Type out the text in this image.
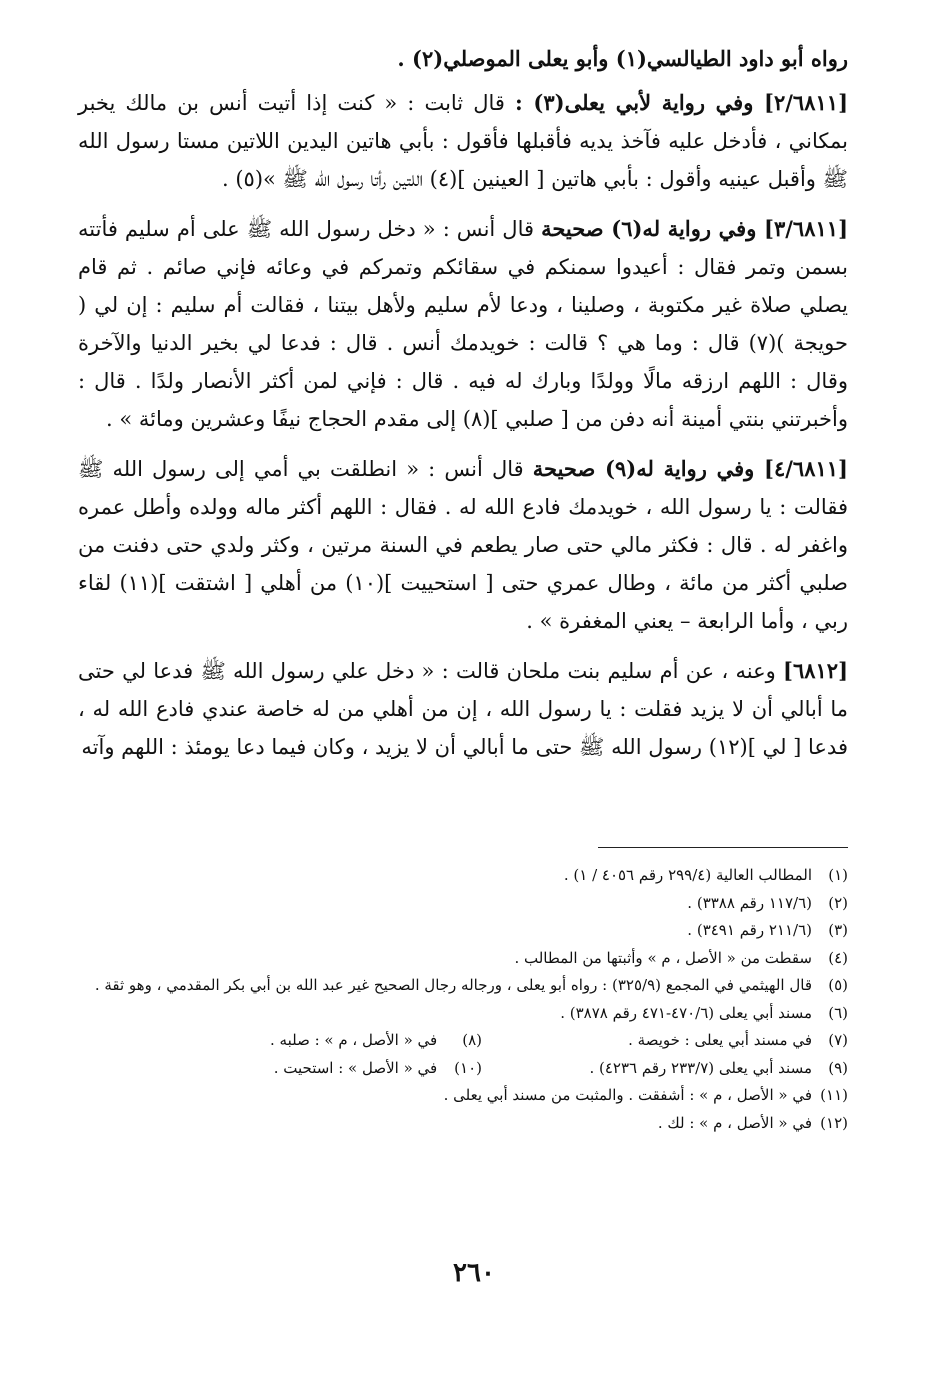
رواه أبو داود الطيالسي(١) وأبو يعلى الموصلي(٢) .

[٢/٦٨١١] وفي رواية لأبي يعلى(٣) : قال ثابت : « كنت إذا أتيت أنس بن مالك يخبر بمكاني ، فأدخل عليه فآخذ يديه فأقبلها فأقول : بأبي هاتين اليدين اللاتين مستا رسول الله ﷺ وأقبل عينيه وأقول : بأبي هاتين [ العينين ](٤) اللتين رأتا رسول الله ﷺ »(٥) .

[٣/٦٨١١] وفي رواية له(٦) صحيحة قال أنس : « دخل رسول الله ﷺ على أم سليم فأتته بسمن وتمر فقال : أعيدوا سمنكم في سقائكم وتمركم في وعائه فإني صائم . ثم قام يصلي صلاة غير مكتوبة ، وصلينا ، ودعا لأم سليم ولأهل بيتنا ، فقالت أم سليم : إن لي ( حويجة )(٧) قال : وما هي ؟ قالت : خويدمك أنس . قال : فدعا لي بخير الدنيا والآخرة وقال : اللهم ارزقه مالًا وولدًا وبارك له فيه . قال : فإني لمن أكثر الأنصار ولدًا . قال : وأخبرتني بنتي أمينة أنه دفن من [ صلبي ](٨) إلى مقدم الحجاج نيفًا وعشرين ومائة » .

[٤/٦٨١١] وفي رواية له(٩) صحيحة قال أنس : « انطلقت بي أمي إلى رسول الله ﷺ فقالت : يا رسول الله ، خويدمك فادع الله له . فقال : اللهم أكثر ماله وولده وأطل عمره واغفر له . قال : فكثر مالي حتى صار يطعم في السنة مرتين ، وكثر ولدي حتى دفنت من صلبي أكثر من مائة ، وطال عمري حتى [ استحييت ](١٠) من أهلي [ اشتقت ](١١) لقاء ربي ، وأما الرابعة – يعني المغفرة » .

[٦٨١٢] وعنه ، عن أم سليم بنت ملحان قالت : « دخل علي رسول الله ﷺ فدعا لي حتى ما أبالي أن لا يزيد فقلت : يا رسول الله ، إن من أهلي من له خاصة عندي فادع الله له ، فدعا [ لي ](١٢) رسول الله ﷺ حتى ما أبالي أن لا يزيد ، وكان فيما دعا يومئذ : اللهم وآته

(١)
المطالب العالية (٢٩٩/٤ رقم ٤٠٥٦ / ١) .
(٢)
(١١٧/٦ رقم ٣٣٨٨) .
(٣)
(٢١١/٦ رقم ٣٤٩١) .
(٤)
سقطت من « الأصل ، م » وأثبتها من المطالب .
(٥)
قال الهيثمي في المجمع (٣٢٥/٩) : رواه أبو يعلى ، ورجاله رجال الصحيح غير عبد الله بن أبي بكر المقدمي ، وهو ثقة .
(٦)
مسند أبي يعلى (٤٧٠/٦-٤٧١ رقم ٣٨٧٨) .
(٧)
في مسند أبي يعلى : خويصة .
(٨) في « الأصل ، م » : صلبه .
(٩)
مسند أبي يعلى (٢٣٣/٧ رقم ٤٢٣٦) .
(١٠) في « الأصل » : استحيت .
(١١)
في « الأصل ، م » : أشفقت . والمثبت من مسند أبي يعلى .
(١٢)
في « الأصل ، م » : لك .
٢٦٠
